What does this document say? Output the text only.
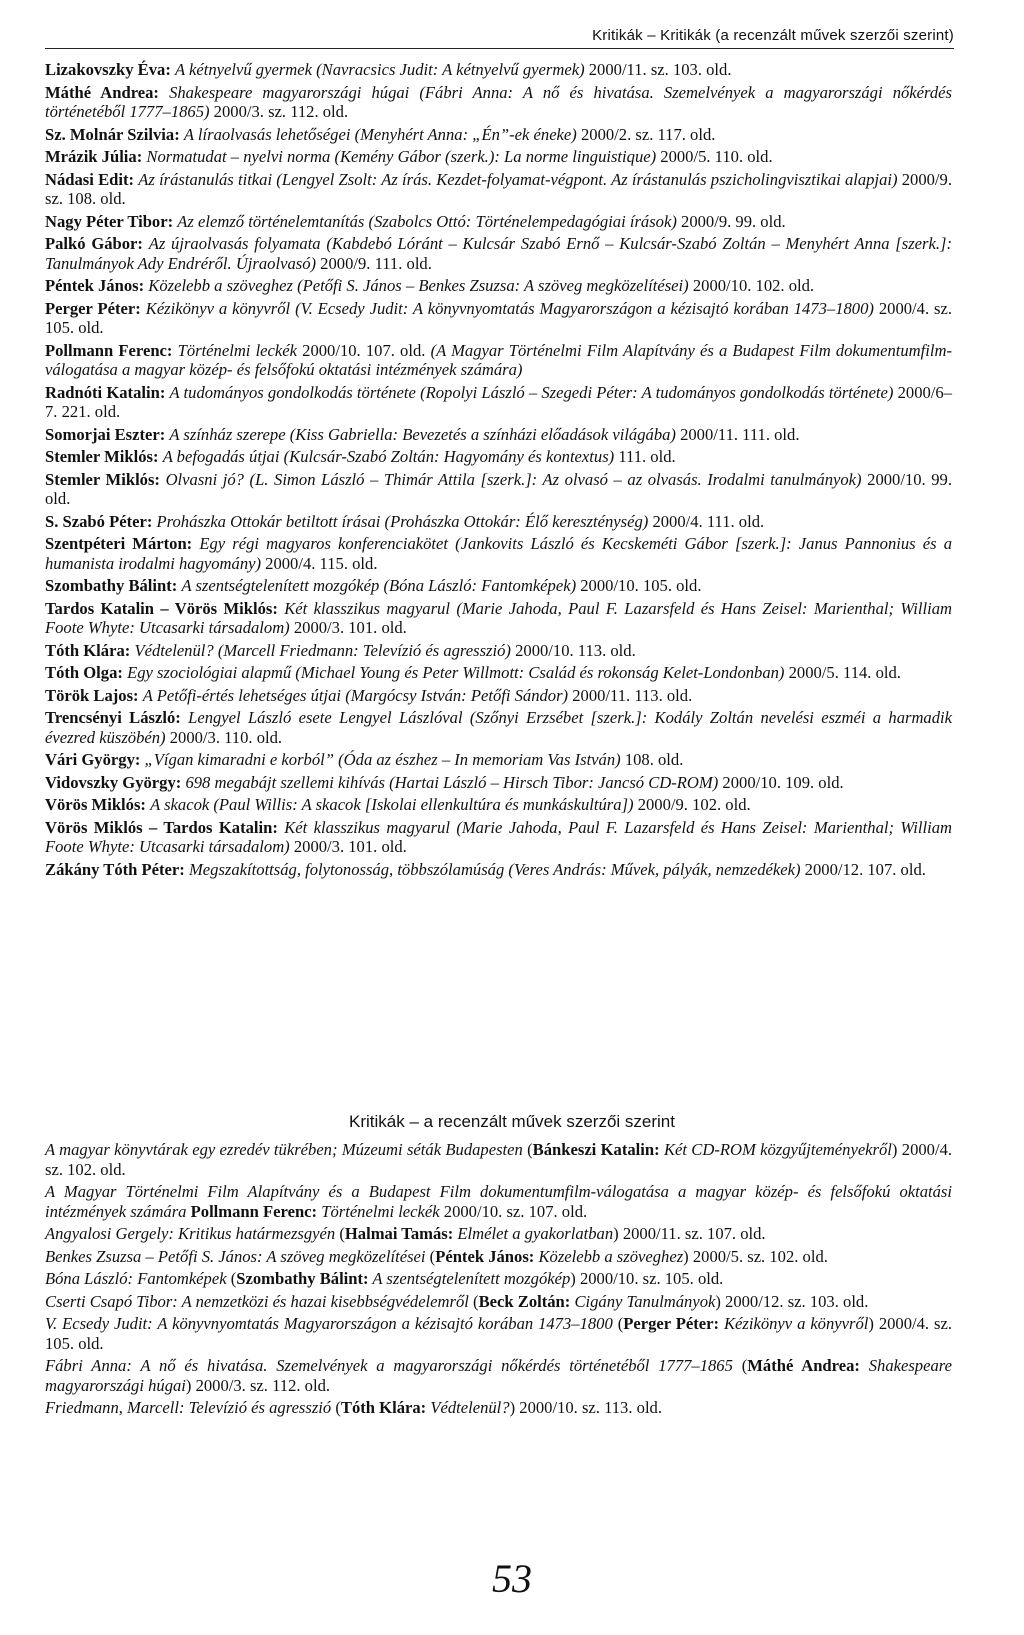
Kritikák – Kritikák (a recenzált művek szerzői szerint)

Lizakovszky Éva: A kétnyelvű gyermek (Navracsics Judit: A kétnyelvű gyermek) 2000/11. sz. 103. old.

Máthé Andrea: Shakespeare magyarországi húgai (Fábri Anna: A nő és hivatása. Szemelvények a magyarországi nőkérdés történetéből 1777–1865) 2000/3. sz. 112. old.

Sz. Molnár Szilvia: A líraolvasás lehetőségei (Menyhért Anna: „Én”-ek éneke) 2000/2. sz. 117. old.

Mrázik Júlia: Normatudat – nyelvi norma (Kemény Gábor (szerk.): La norme linguistique) 2000/5. 110. old.

Nádasi Edit: Az írástanulás titkai (Lengyel Zsolt: Az írás. Kezdet-folyamat-végpont. Az írástanulás pszicholingvisztikai alapjai) 2000/9. sz. 108. old.

Nagy Péter Tibor: Az elemző történelemtanítás (Szabolcs Ottó: Történelempedagógiai írások) 2000/9. 99. old.

Palkó Gábor: Az újraolvasás folyamata (Kabdebó Lóránt – Kulcsár Szabó Ernő – Kulcsár-Szabó Zoltán – Menyhért Anna [szerk.]: Tanulmányok Ady Endréről. Újraolvasó) 2000/9. 111. old.

Péntek János: Közelebb a szöveghez (Petőfi S. János – Benkes Zsuzsa: A szöveg megközelítései) 2000/10. 102. old.

Perger Péter: Kézikönyv a könyvről (V. Ecsedy Judit: A könyvnyomtatás Magyarországon a kézisajtó korában 1473–1800) 2000/4. sz. 105. old.

Pollmann Ferenc: Történelmi leckék 2000/10. 107. old. (A Magyar Történelmi Film Alapítvány és a Budapest Film dokumentumfilm-válogatása a magyar közép- és felsőfokú oktatási intézmények számára)

Radnóti Katalin: A tudományos gondolkodás története (Ropolyi László – Szegedi Péter: A tudományos gondolkodás története) 2000/6–7. 221. old.

Somorjai Eszter: A színház szerepe (Kiss Gabriella: Bevezetés a színházi előadások világába) 2000/11. 111. old.

Stemler Miklós: A befogadás útjai (Kulcsár-Szabó Zoltán: Hagyomány és kontextus) 111. old.

Stemler Miklós: Olvasni jó? (L. Simon László – Thimár Attila [szerk.]: Az olvasó – az olvasás. Irodalmi tanulmányok) 2000/10. 99. old.

S. Szabó Péter: Prohászka Ottokár betiltott írásai (Prohászka Ottokár: Élő kereszténység) 2000/4. 111. old.

Szentpéteri Márton: Egy régi magyaros konferenciakötet (Jankovits László és Kecskeméti Gábor [szerk.]: Janus Pannonius és a humanista irodalmi hagyomány) 2000/4. 115. old.

Szombathy Bálint: A szentségtelenített mozgókép (Bóna László: Fantomképek) 2000/10. 105. old.

Tardos Katalin – Vörös Miklós: Két klasszikus magyarul (Marie Jahoda, Paul F. Lazarsfeld és Hans Zeisel: Marienthal; William Foote Whyte: Utcasarki társadalom) 2000/3. 101. old.

Tóth Klára: Védtelenül? (Marcell Friedmann: Televízió és agresszió) 2000/10. 113. old.

Tóth Olga: Egy szociológiai alapmű (Michael Young és Peter Willmott: Család és rokonság Kelet-Londonban) 2000/5. 114. old.

Török Lajos: A Petőfi-értés lehetséges útjai (Margócsy István: Petőfi Sándor) 2000/11. 113. old.

Trencsényi László: Lengyel László esete Lengyel Lászlóval (Szőnyi Erzsébet [szerk.]: Kodály Zoltán nevelési eszméi a harmadik évezred küszöbén) 2000/3. 110. old.

Vári György: „Vígan kimaradni e korból” (Óda az észhez – In memoriam Vas István) 108. old.

Vidovszky György: 698 megabájt szellemi kihívás (Hartai László – Hirsch Tibor: Jancsó CD-ROM) 2000/10. 109. old.

Vörös Miklós: A skacok (Paul Willis: A skacok [Iskolai ellenkultúra és munkáskultúra]) 2000/9. 102. old.

Vörös Miklós – Tardos Katalin: Két klasszikus magyarul (Marie Jahoda, Paul F. Lazarsfeld és Hans Zeisel: Marienthal; William Foote Whyte: Utcasarki társadalom) 2000/3. 101. old.

Zákány Tóth Péter: Megszakítottság, folytonosság, többszólamúság (Veres András: Művek, pályák, nemzedékek) 2000/12. 107. old.

Kritikák – a recenzált művek szerzői szerint

A magyar könyvtárak egy ezredév tükrében; Múzeumi séták Budapesten (Bánkeszi Katalin: Két CD-ROM közgyűjteményekről) 2000/4. sz. 102. old.

A Magyar Történelmi Film Alapítvány és a Budapest Film dokumentumfilm-válogatása a magyar közép- és felsőfokú oktatási intézmények számára Pollmann Ferenc: Történelmi leckék 2000/10. sz. 107. old.

Angyalosi Gergely: Kritikus határmezsgyén (Halmai Tamás: Elmélet a gyakorlatban) 2000/11. sz. 107. old.

Benkes Zsuzsa – Petőfi S. János: A szöveg megközelítései (Péntek János: Közelebb a szöveghez) 2000/5. sz. 102. old.

Bóna László: Fantomképek (Szombathy Bálint: A szentségtelenített mozgókép) 2000/10. sz. 105. old.

Cserti Csapó Tibor: A nemzetközi és hazai kisebbségvédelemről (Beck Zoltán: Cigány Tanulmányok) 2000/12. sz. 103. old.

V. Ecsedy Judit: A könyvnyomtatás Magyarországon a kézisajtó korában 1473–1800 (Perger Péter: Kézikönyv a könyvről) 2000/4. sz. 105. old.

Fábri Anna: A nő és hivatása. Szemelvények a magyarországi nőkérdés történetéből 1777–1865 (Máthé Andrea: Shakespeare magyarországi húgai) 2000/3. sz. 112. old.

Friedmann, Marcell: Televízió és agresszió (Tóth Klára: Védtelenül?) 2000/10. sz. 113. old.

53
